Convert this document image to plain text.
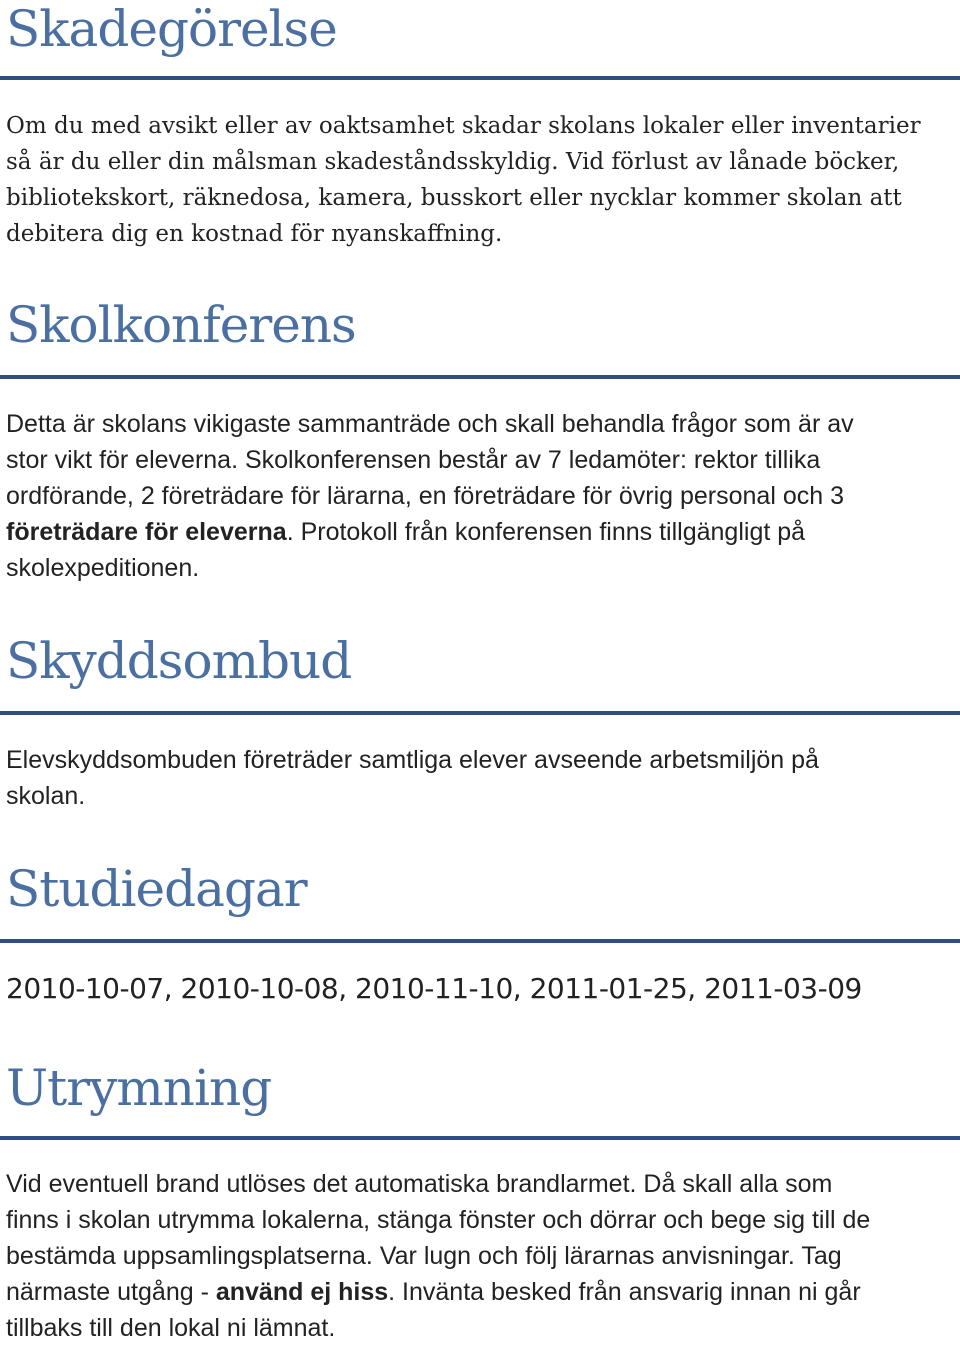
Skadegörelse
Om du med avsikt eller av oaktsamhet skadar skolans lokaler eller inventarier
så är du eller din målsman skadeståndsskyldig. Vid förlust av lånade böcker,
bibliotekskort, räknedosa, kamera, busskort eller nycklar kommer skolan att
debitera dig en kostnad för nyanskaffning.
Skolkonferens
Detta är skolans vikigaste sammanträde och skall behandla frågor som är av
stor vikt för eleverna. Skolkonferensen består av 7 ledamöter: rektor tillika
ordförande, 2 företrädare för lärarna, en företrädare för övrig personal och 3
företrädare för eleverna. Protokoll från konferensen finns tillgängligt på
skolexpeditionen.
Skyddsombud
Elevskyddsombuden företräder samtliga elever avseende arbetsmiljön på
skolan.
Studiedagar

2010-10-07, 2010-10-08, 2010-11-10, 2011-01-25, 2011-03-09

Utrymning
Vid eventuell brand utlöses det automatiska brandlarmet. Då skall alla som
finns i skolan utrymma lokalerna, stänga fönster och dörrar och bege sig till de
bestämda uppsamlingsplatserna. Var lugn och följ lärarnas anvisningar. Tag
närmaste utgång - använd ej hiss. Invänta besked från ansvarig innan ni går
tillbaks till den lokal ni lämnat.
